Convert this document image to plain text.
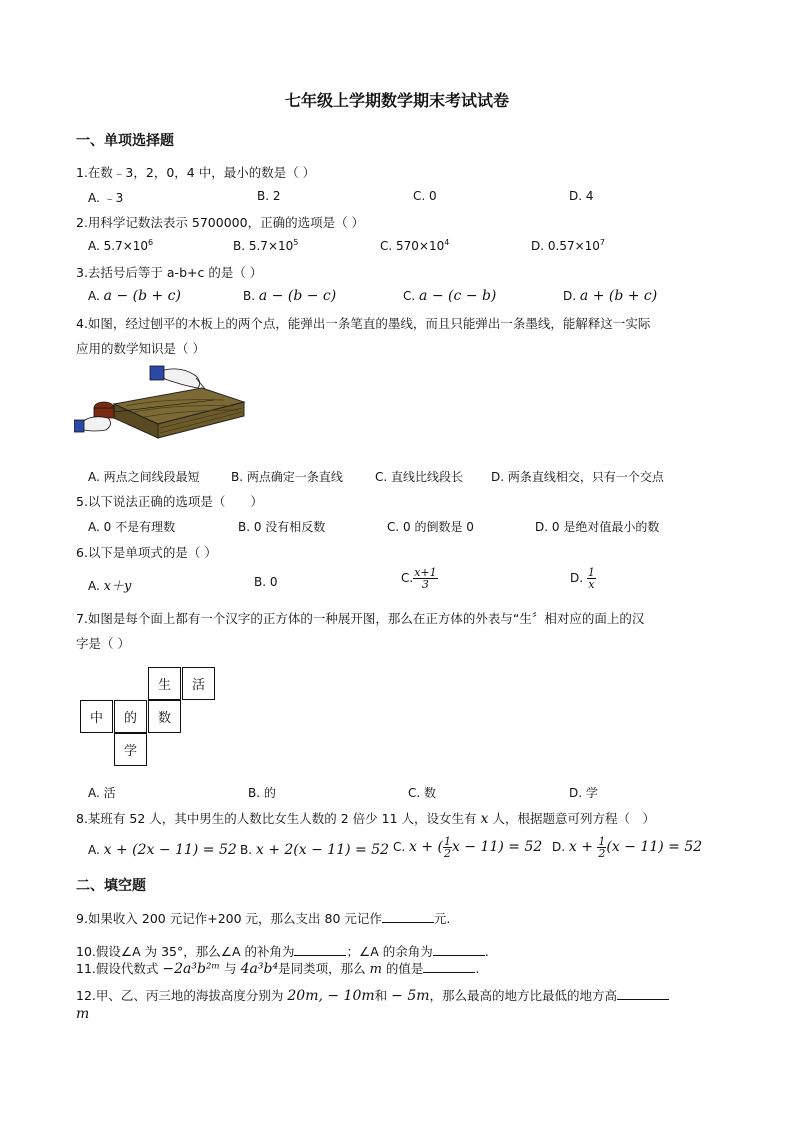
七年级上学期数学期末考试试卷
一、单项选择题
1.在数﹣3，2，0，4 中，最小的数是（ ）
A. ﹣3	B. 2	C. 0	D. 4
2.用科学记数法表示 5700000，正确的选项是（ ）
A. $5.7\times 10^6$	B. $5.7\times 10^5$	C. $570\times 10^4$	D. $0.57\times 10^7$
3.去括号后等于 a-b+c 的是（ ）
A. a − (b + c)	B. a − (b − c)	C. a − (c − b)	D. a + (b + c)
4.如图，经过刨平的木板上的两个点，能弹出一条笔直的墨线，而且只能弹出一条墨线，能解释这一实际
应用的数学知识是（ ）
A. 两点之间线段最短	B. 两点确定一条直线	C. 直线比线段长 D. 两条直线相交，只有一个交点
5.以下说法正确的选项是（　　）
A. 0 不是有理数	B. 0 没有相反数	C. 0 的倒数是 0	D. 0 是绝对值最小的数
6.以下是单项式的是（ ）
A. x＋y	B. 0	C. $\frac{x+1}{3}$	D. $\frac{1}{x}$
7.如图是每个面上都有一个汉字的正方体的一种展开图，那么在正方体的外表与“生〞相对应的面上的汉
字是（ ）
生	活
中	的	数
学
A. 活	B. 的	C. 数	D. 学
8.某班有 52 人，其中男生的人数比女生人数的 2 倍少 11 人，设女生有 x 人，根据题意可列方程（　）
A. x + (2x − 11) = 52 B. x + 2(x − 11) = 52 C. x + ( $\frac{1}{2}$ x − 11) = 52 D. $x + \frac{1}{2} (x - 11) = 52$
二、填空题
9.如果收入 200 元记作+200 元，那么支出 80 元记作	元.
10.假设∠A 为 35°，那么∠A 的补角为	；∠A 的余角为	.
11.假设代数式 −2a³b²ᵐ 与 4a³b⁴是同类项，那么 m 的值是	.
12.甲、乙、丙三地的海拔高度分别为 20m, − 10m和 − 5m，那么最高的地方比最低的地方高
m
